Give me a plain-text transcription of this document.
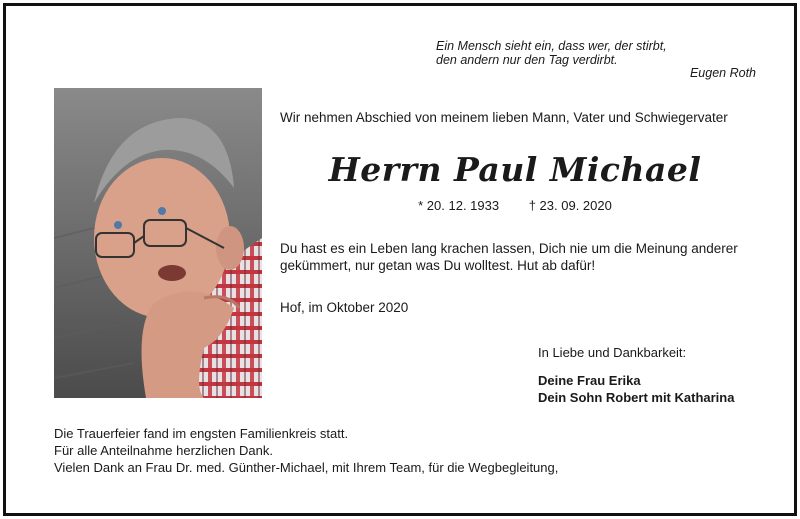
Ein Mensch sieht ein, dass wer, der stirbt,
den andern nur den Tag verdirbt.
Eugen Roth
Wir nehmen Abschied von meinem lieben Mann, Vater und Schwiegervater
Herrn Paul Michael
* 20. 12. 1933 † 23. 09. 2020
Du hast es ein Leben lang krachen lassen, Dich nie um die Meinung anderer
gekümmert, nur getan was Du wolltest. Hut ab dafür!
Hof, im Oktober 2020
In Liebe und Dankbarkeit:
Deine Frau Erika
Dein Sohn Robert mit Katharina
Die Trauerfeier fand im engsten Familienkreis statt.
Für alle Anteilnahme herzlichen Dank.
Vielen Dank an Frau Dr. med. Günther-Michael, mit Ihrem Team, für die Wegbegleitung,
